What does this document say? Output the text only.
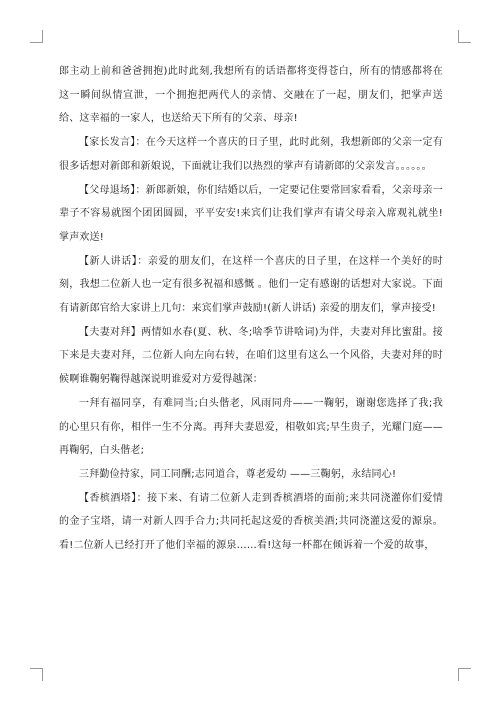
郎主动上前和爸爸拥抱)此时此刻,我想所有的话语都将变得苍白，所有的情感都将在这一瞬间纵情宣泄，一个拥抱把两代人的亲情、交融在了一起，朋友们，把掌声送给、这幸福的一家人，也送给天下所有的父亲、母亲!

【家长发言】：在今天这样一个喜庆的日子里，此时此刻，我想新郎的父亲一定有很多话想对新郎和新娘说，下面就让我们以热烈的掌声有请新郎的父亲发言。。。。。。

【父母退场】：新郎新娘，你们结婚以后，一定要记住要常回家看看，父亲母亲一辈子不容易就图个团团圆圆，平平安安!来宾们让我们掌声有请父母亲入席观礼就坐!掌声欢送!

【新人讲话】：亲爱的朋友们，在这样一个喜庆的日子里，在这样一个美好的时刻，我想二位新人也一定有很多祝福和感慨 。他们一定有感谢的话想对大家说。下面有请新郎官给大家讲上几句：来宾们掌声鼓励!(新人讲话) 亲爱的朋友们，掌声接受!

【夫妻对拜】两情如水春(夏、秋、冬;啥季节讲啥词)为伴，夫妻对拜比蜜甜。接下来是夫妻对拜，二位新人向左向右转，在咱们这里有这么一个风俗，夫妻对拜的时候啊谁鞠躬鞠得越深说明谁爱对方爱得越深：

一拜有福同享，有难同当;白头偕老，风雨同舟——一鞠躬，谢谢您选择了我;我的心里只有你，相伴一生不分离。再拜夫妻恩爱，相敬如宾;早生贵子，光耀门庭——再鞠躬，白头偕老;

三拜勤俭持家，同工同酬;志同道合，尊老爱幼 ——三鞠躬，永结同心!

【香槟酒塔】：接下来、有请二位新人走到香槟酒塔的面前;来共同浇灌你们爱情的金子宝塔，请一对新人四手合力;共同托起这爱的香槟美酒;共同浇灌这爱的源泉。看!二位新人已经打开了他们幸福的源泉……看!这每一杯都在倾诉着一个爱的故事，
